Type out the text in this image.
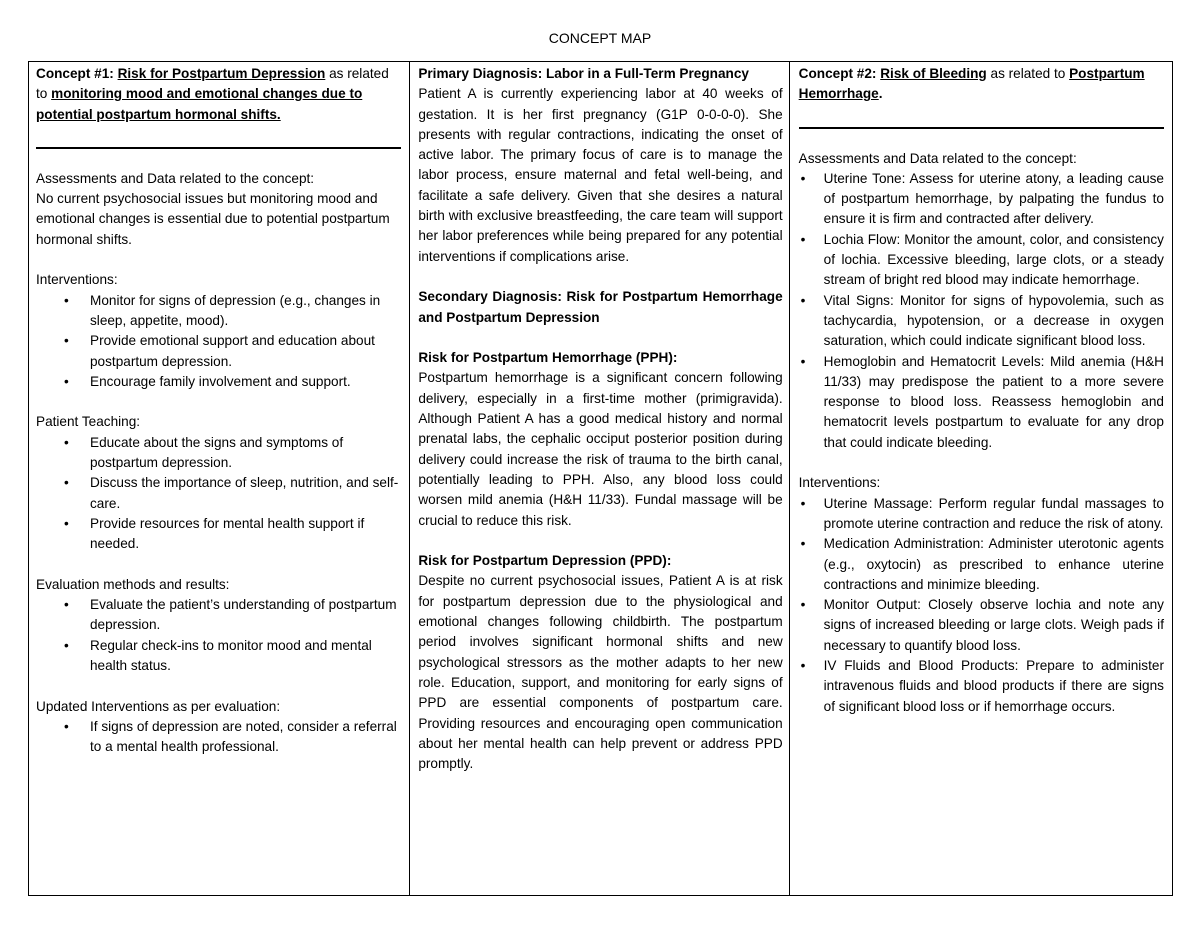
CONCEPT MAP

Concept #1: Risk for Postpartum Depression as related to monitoring mood and emotional changes due to potential postpartum hormonal shifts.

Assessments and Data related to the concept:

No current psychosocial issues but monitoring mood and emotional changes is essential due to potential postpartum hormonal shifts.

Interventions:

• Monitor for signs of depression (e.g., changes in sleep, appetite, mood).
• Provide emotional support and education about postpartum depression.
• Encourage family involvement and support.

Patient Teaching:

• Educate about the signs and symptoms of postpartum depression.
• Discuss the importance of sleep, nutrition, and self-care.
• Provide resources for mental health support if needed.

Evaluation methods and results:

• Evaluate the patient’s understanding of postpartum depression.
• Regular check-ins to monitor mood and mental health status.

Updated Interventions as per evaluation:

• If signs of depression are noted, consider a referral to a mental health professional.

Primary Diagnosis: Labor in a Full-Term Pregnancy

Patient A is currently experiencing labor at 40 weeks of gestation. It is her first pregnancy (G1P 0-0-0-0). She presents with regular contractions, indicating the onset of active labor. The primary focus of care is to manage the labor process, ensure maternal and fetal well-being, and facilitate a safe delivery. Given that she desires a natural birth with exclusive breastfeeding, the care team will support her labor preferences while being prepared for any potential interventions if complications arise.

Secondary Diagnosis: Risk for Postpartum Hemorrhage and Postpartum Depression

Risk for Postpartum Hemorrhage (PPH):

Postpartum hemorrhage is a significant concern following delivery, especially in a first-time mother (primigravida). Although Patient A has a good medical history and normal prenatal labs, the cephalic occiput posterior position during delivery could increase the risk of trauma to the birth canal, potentially leading to PPH. Also, any blood loss could worsen mild anemia (H&H 11/33). Fundal massage will be crucial to reduce this risk.

Risk for Postpartum Depression (PPD):

Despite no current psychosocial issues, Patient A is at risk for postpartum depression due to the physiological and emotional changes following childbirth. The postpartum period involves significant hormonal shifts and new psychological stressors as the mother adapts to her new role. Education, support, and monitoring for early signs of PPD are essential components of postpartum care. Providing resources and encouraging open communication about her mental health can help prevent or address PPD promptly.

Concept #2: Risk of Bleeding as related to Postpartum Hemorrhage.

Assessments and Data related to the concept:

• Uterine Tone: Assess for uterine atony, a leading cause of postpartum hemorrhage, by palpating the fundus to ensure it is firm and contracted after delivery.
• Lochia Flow: Monitor the amount, color, and consistency of lochia. Excessive bleeding, large clots, or a steady stream of bright red blood may indicate hemorrhage.
• Vital Signs: Monitor for signs of hypovolemia, such as tachycardia, hypotension, or a decrease in oxygen saturation, which could indicate significant blood loss.
• Hemoglobin and Hematocrit Levels: Mild anemia (H&H 11/33) may predispose the patient to a more severe response to blood loss. Reassess hemoglobin and hematocrit levels postpartum to evaluate for any drop that could indicate bleeding.

Interventions:

• Uterine Massage: Perform regular fundal massages to promote uterine contraction and reduce the risk of atony.
• Medication Administration: Administer uterotonic agents (e.g., oxytocin) as prescribed to enhance uterine contractions and minimize bleeding.
• Monitor Output: Closely observe lochia and note any signs of increased bleeding or large clots. Weigh pads if necessary to quantify blood loss.
• IV Fluids and Blood Products: Prepare to administer intravenous fluids and blood products if there are signs of significant blood loss or if hemorrhage occurs.
